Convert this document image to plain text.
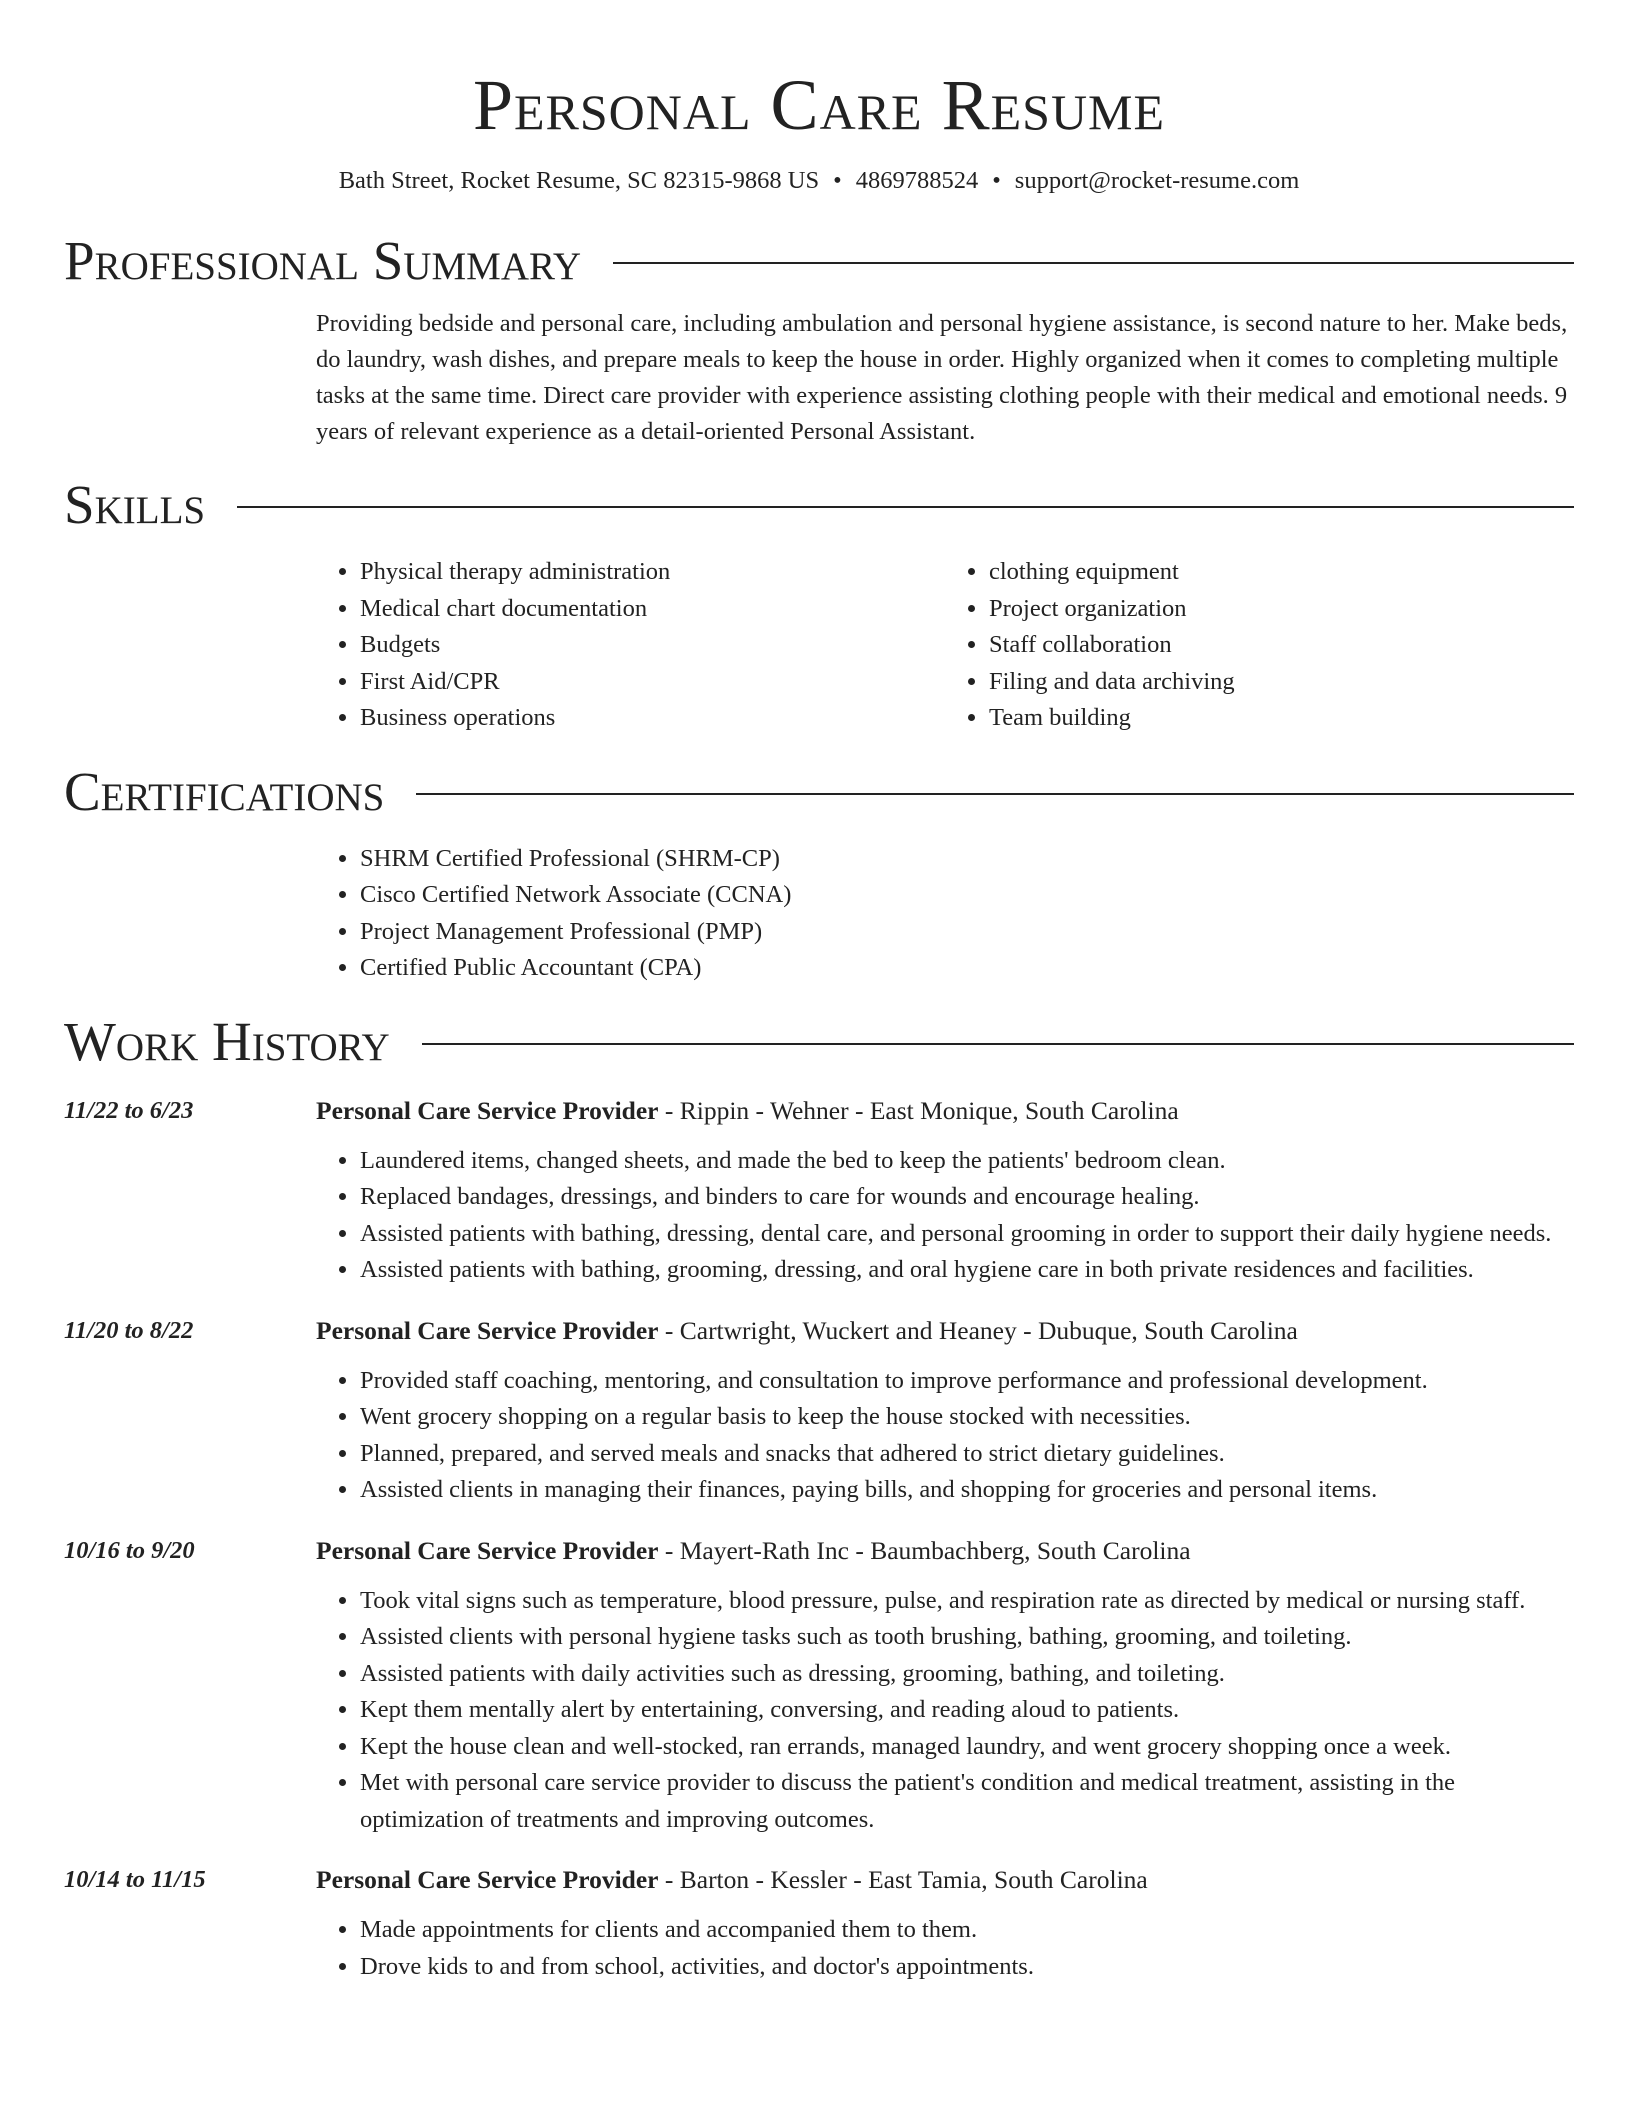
Personal Care Resume
Bath Street, Rocket Resume, SC 82315-9868 US • 4869788524 • support@rocket-resume.com
Professional Summary

Providing bedside and personal care, including ambulation and personal hygiene assistance, is second nature to her. Make beds, do laundry, wash dishes, and prepare meals to keep the house in order. Highly organized when it comes to completing multiple tasks at the same time. Direct care provider with experience assisting clothing people with their medical and emotional needs. 9 years of relevant experience as a detail-oriented Personal Assistant.

Skills
• Physical therapy administration
• Medical chart documentation
• Budgets
• First Aid/CPR
• Business operations
• clothing equipment
• Project organization
• Staff collaboration
• Filing and data archiving
• Team building
Certifications
• SHRM Certified Professional (SHRM-CP)
• Cisco Certified Network Associate (CCNA)
• Project Management Professional (PMP)
• Certified Public Accountant (CPA)
Work History
11/22 to 6/23	Personal Care Service Provider - Rippin - Wehner - East Monique, South Carolina
• Laundered items, changed sheets, and made the bed to keep the patients' bedroom clean.
• Replaced bandages, dressings, and binders to care for wounds and encourage healing.
• Assisted patients with bathing, dressing, dental care, and personal grooming in order to support their daily hygiene needs.
• Assisted patients with bathing, grooming, dressing, and oral hygiene care in both private residences and facilities.
11/20 to 8/22	Personal Care Service Provider - Cartwright, Wuckert and Heaney - Dubuque, South Carolina
• Provided staff coaching, mentoring, and consultation to improve performance and professional development.
• Went grocery shopping on a regular basis to keep the house stocked with necessities.
• Planned, prepared, and served meals and snacks that adhered to strict dietary guidelines.
• Assisted clients in managing their finances, paying bills, and shopping for groceries and personal items.
10/16 to 9/20	Personal Care Service Provider - Mayert-Rath Inc - Baumbachberg, South Carolina
• Took vital signs such as temperature, blood pressure, pulse, and respiration rate as directed by medical or nursing staff.
• Assisted clients with personal hygiene tasks such as tooth brushing, bathing, grooming, and toileting.
• Assisted patients with daily activities such as dressing, grooming, bathing, and toileting.
• Kept them mentally alert by entertaining, conversing, and reading aloud to patients.
• Kept the house clean and well-stocked, ran errands, managed laundry, and went grocery shopping once a week.
• Met with personal care service provider to discuss the patient's condition and medical treatment, assisting in the optimization of treatments and improving outcomes.
10/14 to 11/15	Personal Care Service Provider - Barton - Kessler - East Tamia, South Carolina
• Made appointments for clients and accompanied them to them.
• Drove kids to and from school, activities, and doctor's appointments.
